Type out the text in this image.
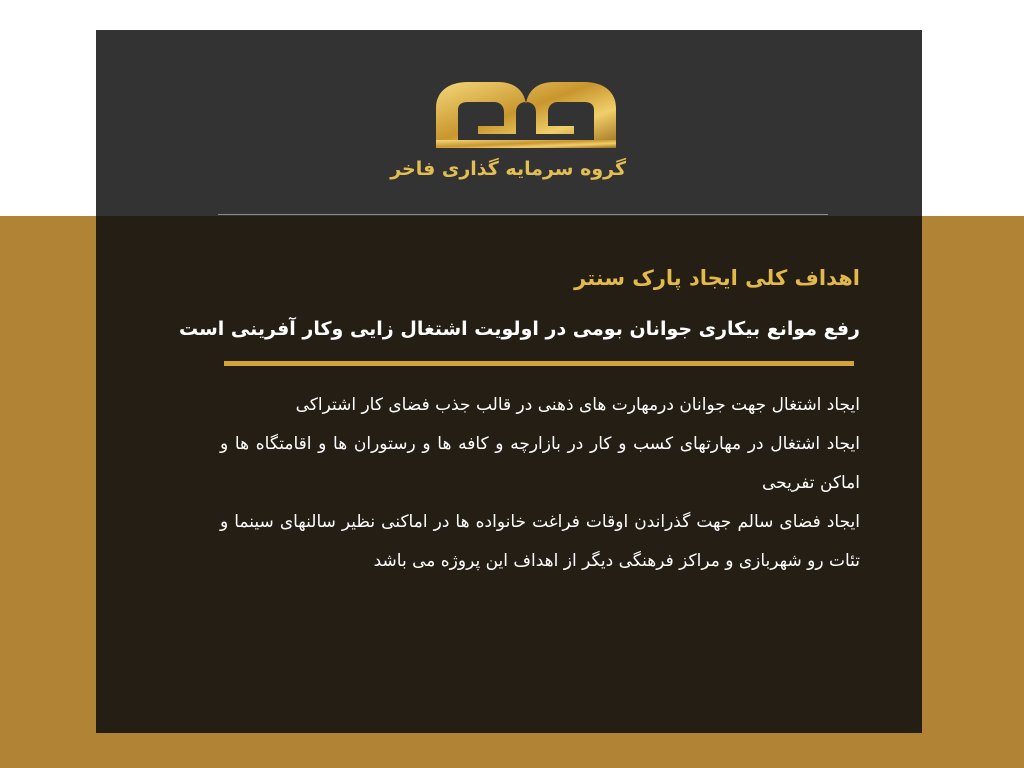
گروه سرمایه گذاری فاخر
اهداف کلی ایجاد پارک سنتر
رفع موانع بیکاری جوانان بومی در اولویت اشتغال زایی وکار آفرینی است

ایجاد اشتغال جهت جوانان درمهارت های ذهنی در قالب جذب فضای کار اشتراکی

ایجاد اشتغال در مهارتهای کسب و کار در بازارچه و کافه ها و رستوران ها و اقامتگاه ها و اماکن تفریحی

ایجاد فضای سالم جهت گذراندن اوقات فراغت خانواده ها در اماکنی نظیر سالنهای سینما و تئات رو شهربازی و مراکز فرهنگی دیگر از اهداف این پروژه می باشد
